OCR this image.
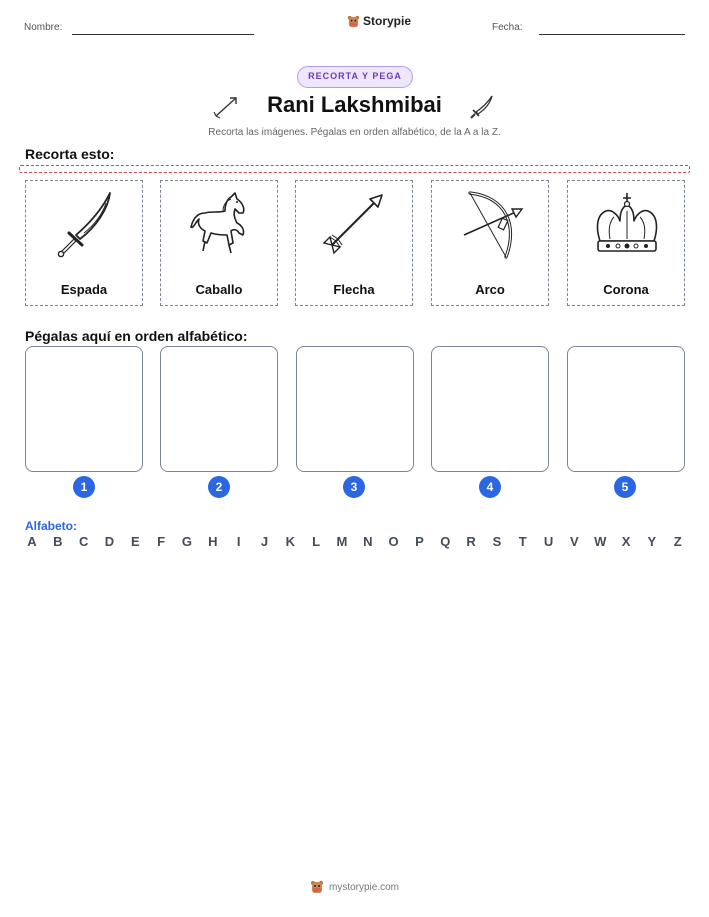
Nombre:	Storypie	Fecha:
RECORTA Y PEGA
Rani Lakshmibai
Recorta las imágenes. Pégalas en orden alfabético, de la A a la Z.
Recorta esto:
Espada	Caballo	Flecha	Arco	Corona
Pégalas aquí en orden alfabético:
1	2	3	4	5
Alfabeto:
A B C D E F G H	I	J K L M N O P Q R S T U V W X Y Z
mystorypie.com
